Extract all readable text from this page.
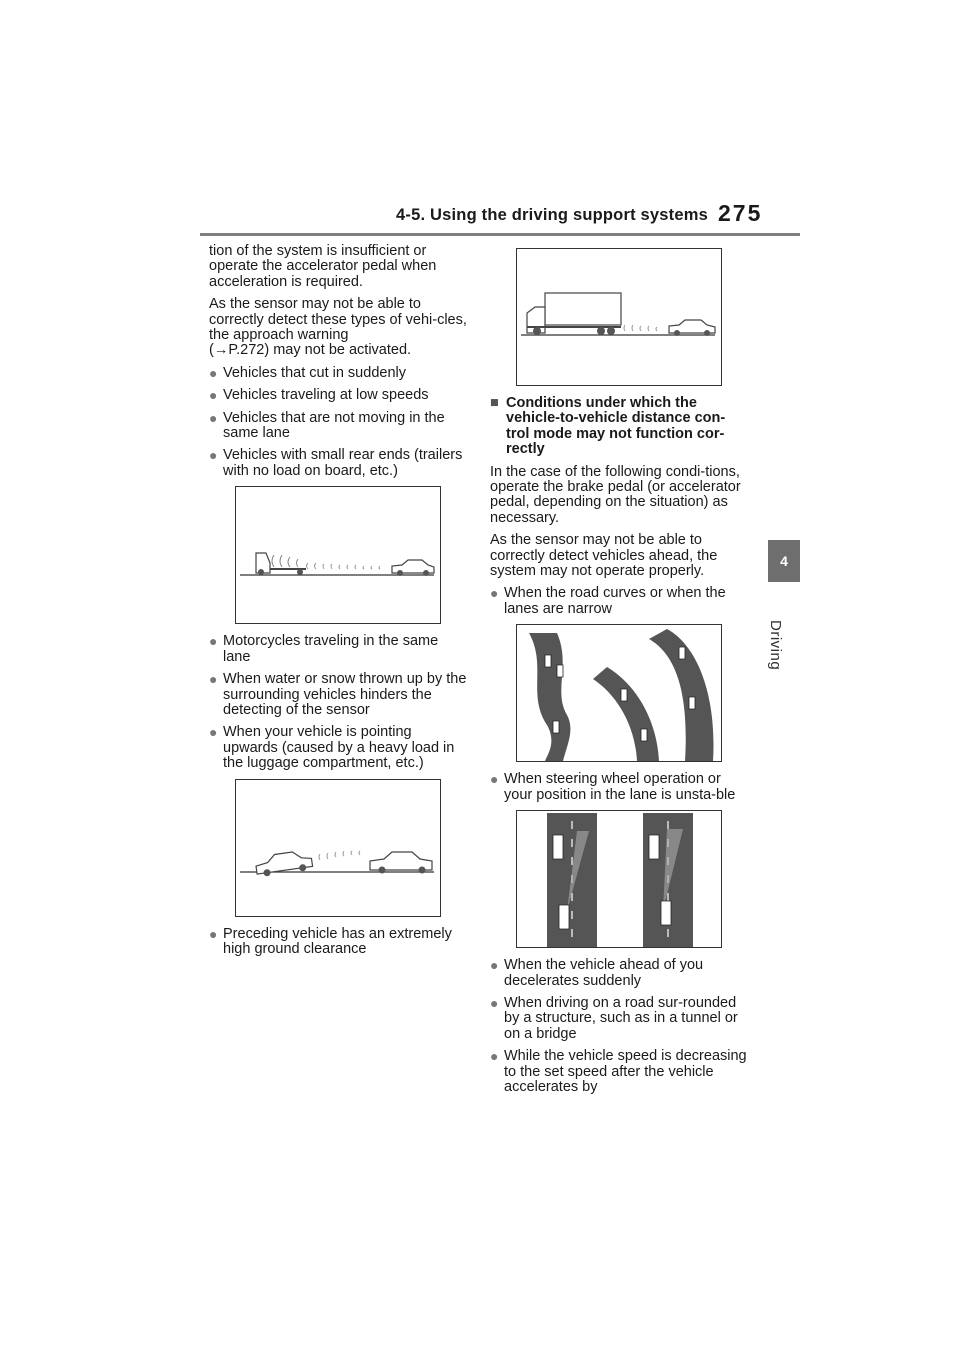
4-5. Using the driving support systems 275
4
Driving

tion of the system is insufficient or operate the accelerator pedal when acceleration is required.

As the sensor may not be able to correctly detect these types of vehi-cles, the approach warning
(→P.272) may not be activated.

● Vehicles that cut in suddenly
● Vehicles traveling at low speeds
● Vehicles that are not moving in the same lane
● Vehicles with small rear ends (trailers with no load on board, etc.)
● Motorcycles traveling in the same lane
● When water or snow thrown up by the surrounding vehicles hinders the detecting of the sensor
● When your vehicle is pointing upwards (caused by a heavy load in the luggage compartment, etc.)
● Preceding vehicle has an extremely high ground clearance
■ Conditions under which the vehicle-to-vehicle distance con-trol mode may not function cor-rectly

In the case of the following condi-tions, operate the brake pedal (or accelerator pedal, depending on the situation) as necessary.

As the sensor may not be able to correctly detect vehicles ahead, the system may not operate properly.

● When the road curves or when the lanes are narrow
● When steering wheel operation or your position in the lane is unsta-ble
● When the vehicle ahead of you decelerates suddenly
● When driving on a road sur-rounded by a structure, such as in a tunnel or on a bridge
● While the vehicle speed is decreasing to the set speed after the vehicle accelerates by
